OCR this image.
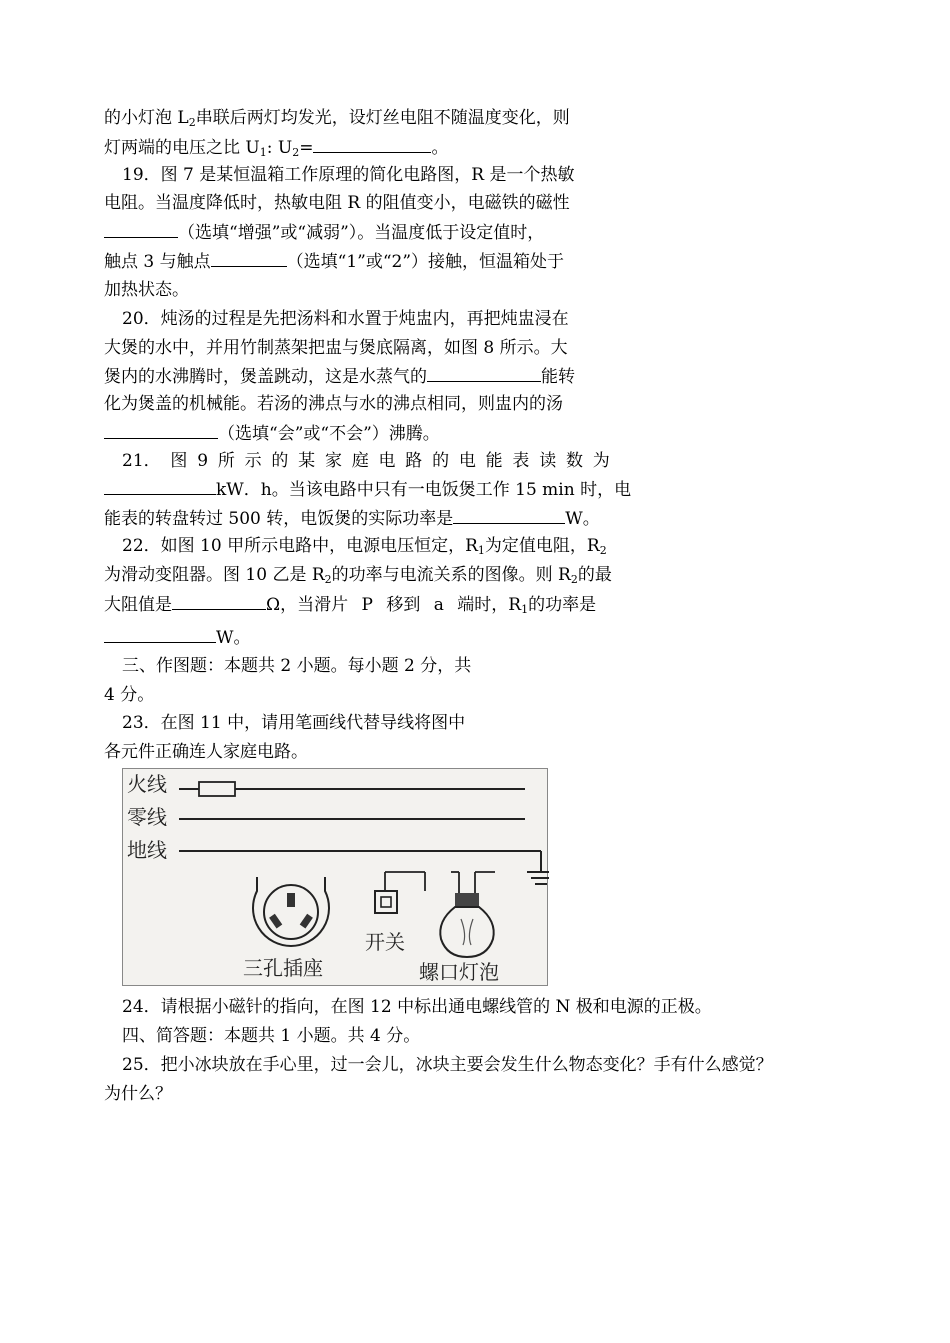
的小灯泡 $L_2$串联后两灯均发光，设灯丝电阻不随温度变化，则
灯两端的电压之比 $U_1$: $U_2=$	。
19．图 7 是某恒温箱工作原理的简化电路图，R 是一个热敏
电阻。当温度降低时，热敏电阻 R 的阻值变小，电磁铁的磁性
（选填“增强”或“减弱”）。当温度低于设定值时，
触点 3 与触点	（选填“1”或“2”）接触，恒温箱处于
加热状态。
20．炖汤的过程是先把汤料和水置于炖盅内，再把炖盅浸在
大煲的水中，并用竹制蒸架把盅与煲底隔离，如图 8 所示。大
煲内的水沸腾时，煲盖跳动，这是水蒸气的	能转
化为煲盖的机械能。若汤的沸点与水的沸点相同，则盅内的汤
（选填“会”或“不会”）沸腾。
21． 图 9 所 示 的 某 家 庭 电 路 的 电 能 表 读 数 为
kW．h。当该电路中只有一电饭煲工作 15 min 时，电
能表的转盘转过 500 转，电饭煲的实际功率是	W。
22．如图 10 甲所示电路中，电源电压恒定，$R_1$为定值电阻，$R_2$
为滑动变阻器。图 10 乙是 $R_2$的功率与电流关系的图像。则 $R_2$的最
大阻值是	Ω，当滑片 P 移到 a 端时，$R_1$的功率是
W。
三、作图题：本题共 2 小题。每小题 2 分，共
4 分。
23．在图 11 中，请用笔画线代替导线将图中
各元件正确连人家庭电路。
火线
零线
地线
三孔插座
开关
螺口灯泡
24．请根据小磁针的指向，在图 12 中标出通电螺线管的 N 极和电源的正极。
四、简答题：本题共 1 小题。共 4 分。
25．把小冰块放在手心里，过一会儿，冰块主要会发生什么物态变化？手有什么感觉？
为什么？
